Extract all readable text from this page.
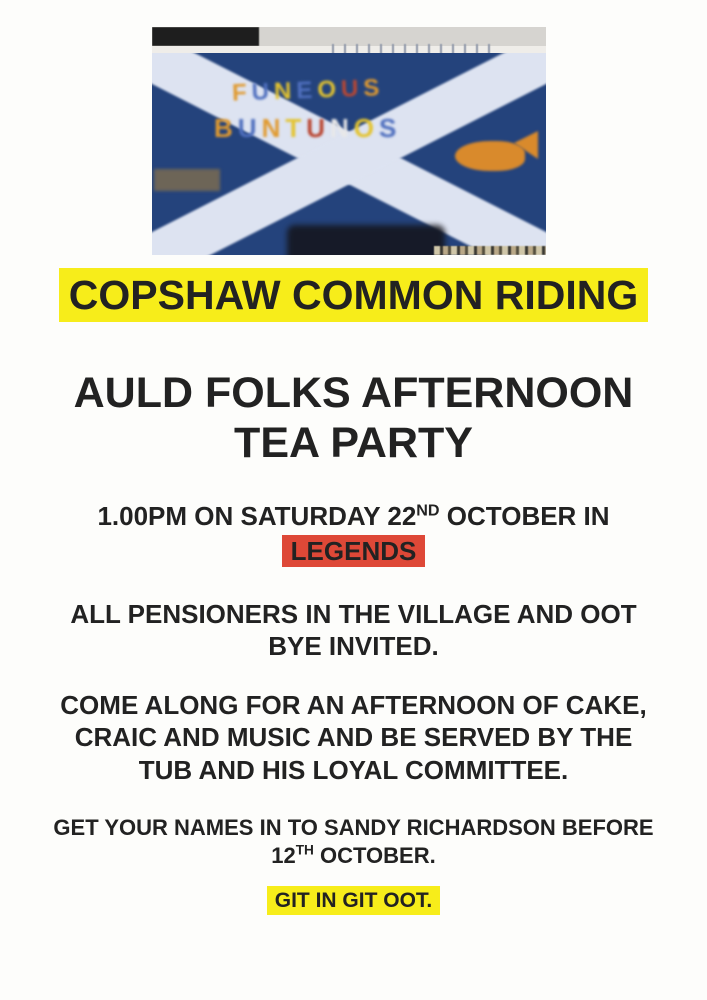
FUNEOUS
BUNTUNOS
COPSHAW COMMON RIDING
AULD FOLKS AFTERNOON
TEA PARTY
1.00PM ON SATURDAY 22ND OCTOBER IN
LEGENDS
ALL PENSIONERS IN THE VILLAGE AND OOT
BYE INVITED.
COME ALONG FOR AN AFTERNOON OF CAKE,
CRAIC AND MUSIC AND BE SERVED BY THE
TUB AND HIS LOYAL COMMITTEE.
GET YOUR NAMES IN TO SANDY RICHARDSON BEFORE
12TH OCTOBER.
GIT IN GIT OOT.
